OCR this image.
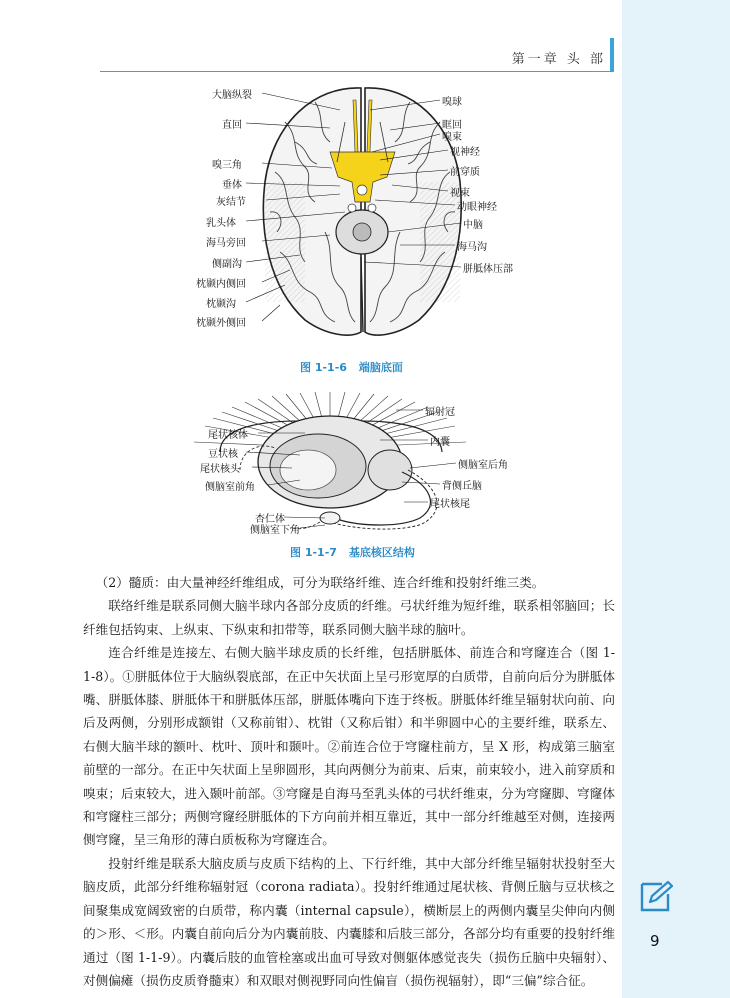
第一章 头 部
大脑纵裂
直回
嗅三角
垂体
灰结节
乳头体
海马旁回
侧副沟
枕颞内侧回
枕颞沟
枕颞外侧回
嗅球
眶回
嗅束
视神经
前穿质
视束
动眼神经
中脑
海马沟
胼胝体压部
图 1-1-6 端脑底面
尾状核体
豆状核
尾状核头
侧脑室前角
杏仁体
侧脑室下角
辐射冠
内囊
侧脑室后角
背侧丘脑
尾状核尾
图 1-1-7 基底核区结构

（2）髓质：由大量神经纤维组成，可分为联络纤维、连合纤维和投射纤维三类。

联络纤维是联系同侧大脑半球内各部分皮质的纤维。弓状纤维为短纤维，联系相邻脑回；长纤维包括钩束、上纵束、下纵束和扣带等，联系同侧大脑半球的脑叶。

连合纤维是连接左、右侧大脑半球皮质的长纤维，包括胼胝体、前连合和穹窿连合（图 1-1-8）。①胼胝体位于大脑纵裂底部，在正中矢状面上呈弓形宽厚的白质带，自前向后分为胼胝体嘴、胼胝体膝、胼胝体干和胼胝体压部，胼胝体嘴向下连于终板。胼胝体纤维呈辐射状向前、向后及两侧，分别形成额钳（又称前钳）、枕钳（又称后钳）和半卵圆中心的主要纤维，联系左、右侧大脑半球的额叶、枕叶、顶叶和颞叶。②前连合位于穹窿柱前方，呈 X 形，构成第三脑室前壁的一部分。在正中矢状面上呈卵圆形，其向两侧分为前束、后束，前束较小，进入前穿质和嗅束；后束较大，进入颞叶前部。③穹窿是自海马至乳头体的弓状纤维束，分为穹窿脚、穹窿体和穹窿柱三部分；两侧穹窿经胼胝体的下方向前并相互靠近，其中一部分纤维越至对侧，连接两侧穹窿，呈三角形的薄白质板称为穹窿连合。

投射纤维是联系大脑皮质与皮质下结构的上、下行纤维，其中大部分纤维呈辐射状投射至大脑皮质，此部分纤维称辐射冠（corona radiata）。投射纤维通过尾状核、背侧丘脑与豆状核之间聚集成宽阔致密的白质带，称内囊（internal capsule），横断层上的两侧内囊呈尖伸向内侧的＞形、＜形。内囊自前向后分为内囊前肢、内囊膝和后肢三部分，各部分均有重要的投射纤维通过（图 1-1-9）。内囊后肢的血管栓塞或出血可导致对侧躯体感觉丧失（损伤丘脑中央辐射）、对侧偏瘫（损伤皮质脊髓束）和双眼对侧视野同向性偏盲（损伤视辐射），即“三偏”综合征。

9
